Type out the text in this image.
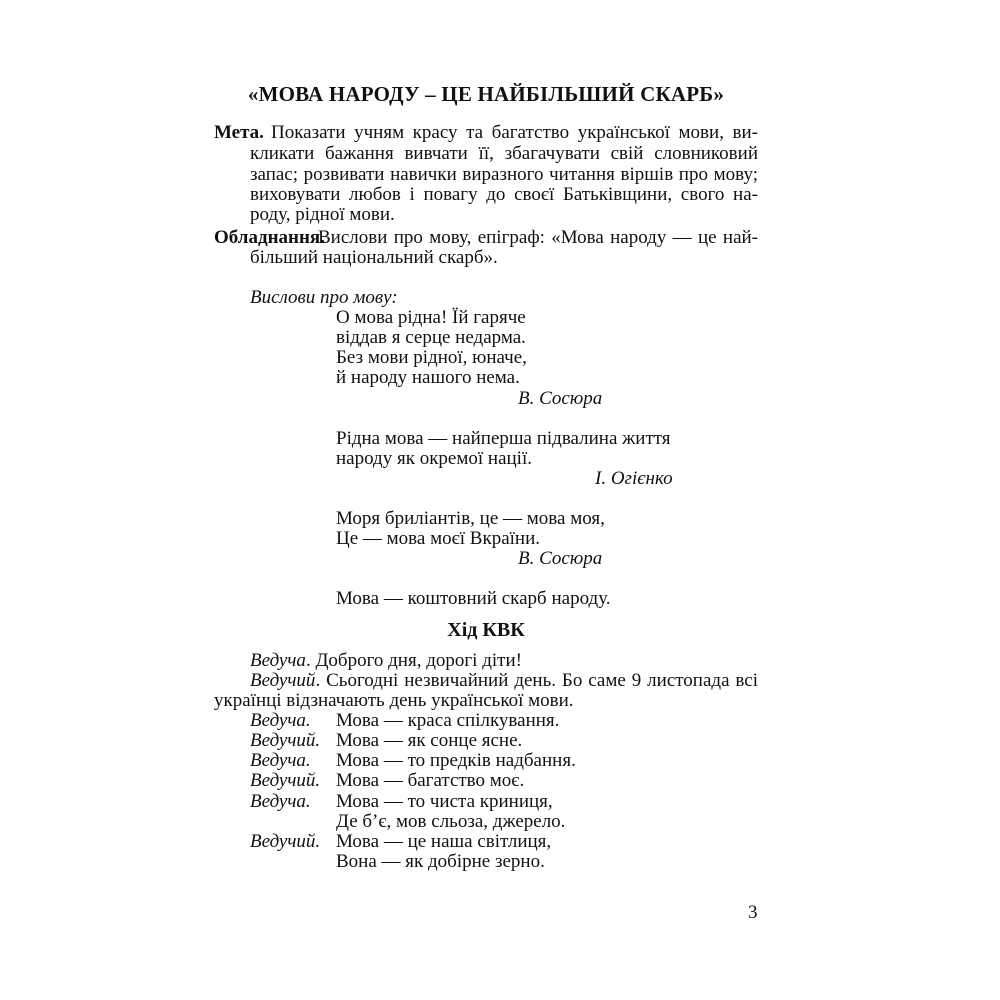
«МОВА НАРОДУ – ЦЕ НАЙБІЛЬШИЙ СКАРБ»
Мета. Показати учням красу та багатство української мови, ви-
кликати бажання вивчати її, збагачувати свій словниковий
запас; розвивати навички виразного читання віршів про мову;
виховувати любов і повагу до своєї Батьківщини, свого на-
роду, рідної мови.
Обладнання.
Вислови про мову, епіграф: «Мова народу — це най-
більший національний скарб».
Вислови про мову:
О мова рідна! Їй гаряче
віддав я серце недарма.
Без мови рідної, юначе,
й народу нашого нема.
В. Сосюра
Рідна мова — найперша підвалина життя
народу як окремої нації.
І. Огієнко
Моря брилiантiв, це — мова моя,
Це — мова моєї Вкраїни.
В. Сосюра
Мова — коштовний скарб народу.
Хід КВК
Ведуча. Доброго дня, дорогі діти!
Ведучий. Сьогодні незвичайний день. Бо саме 9 листопада всі
українці відзначають день української мови.
Ведуча. Мова — краса спілкування.
Ведучий. Мова — як сонце ясне.
Ведуча. Мова — то предків надбання.
Ведучий. Мова — багатство моє.
Ведуча. Мова — то чиста криниця,
Де б’є, мов сльоза, джерело.
Ведучий. Мова — це наша світлиця,
Вона — як добірне зерно.
3
